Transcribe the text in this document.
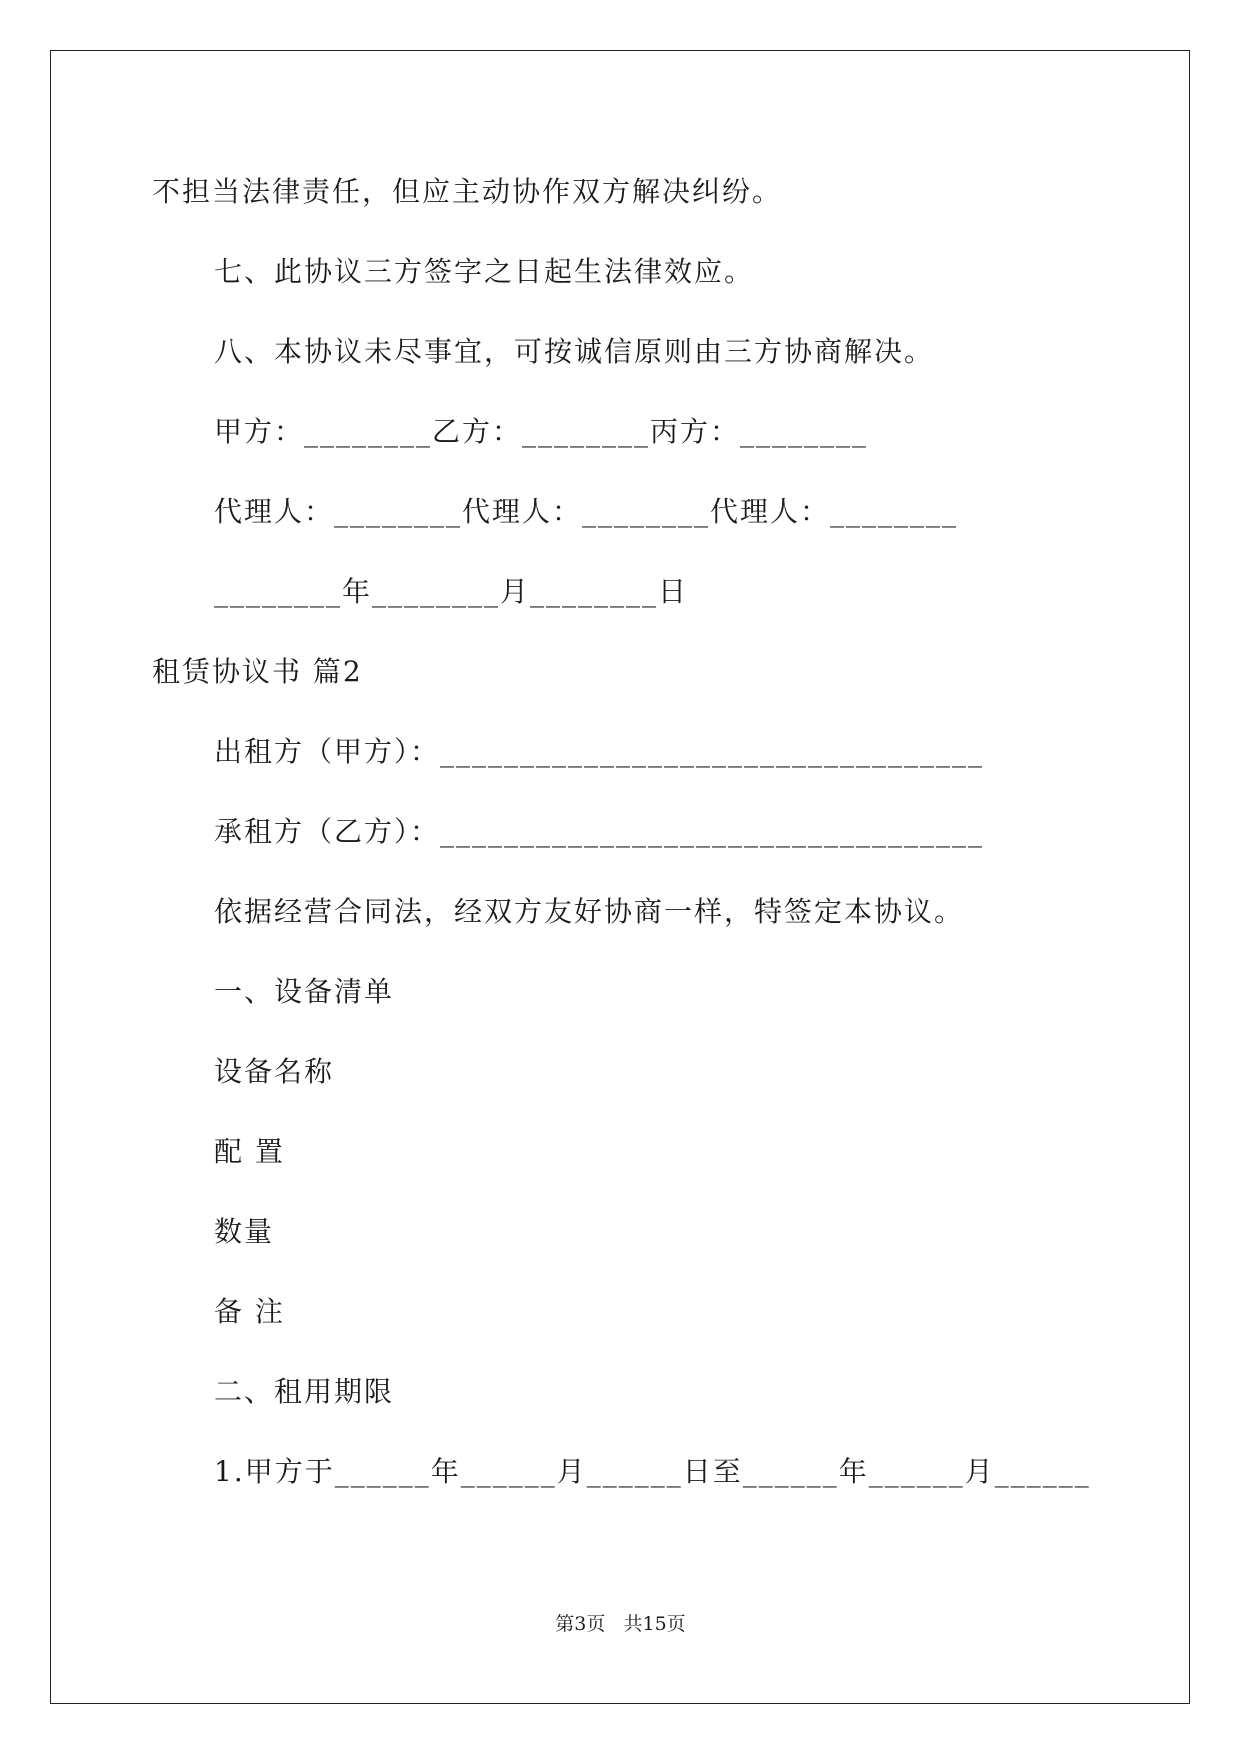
不担当法律责任，但应主动协作双方解决纠纷。
七、此协议三方签字之日起生法律效应。
八、本协议未尽事宜，可按诚信原则由三方协商解决。
甲方：________乙方：________丙方：________
代理人：________代理人：________代理人：________
________年________月________日
租赁协议书 篇2
出租方（甲方）：__________________________________
承租方（乙方）：__________________________________
依据经营合同法，经双方友好协商一样，特签定本协议。
一、设备清单
设备名称
配 置
数量
备 注
二、租用期限
1.甲方于______年______月______日至______年______月______
第3页   共15页
